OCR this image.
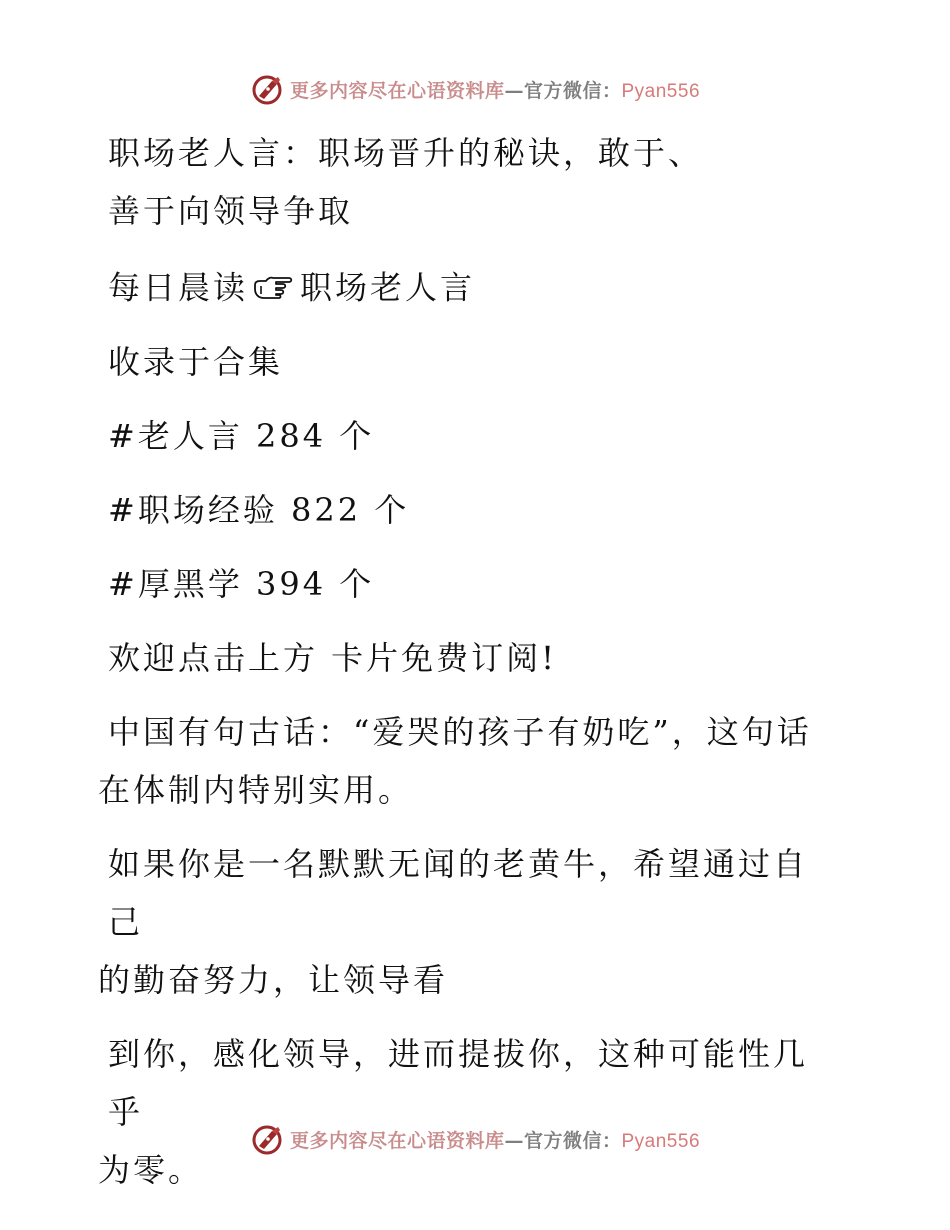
更多内容尽在心语资料库—官方微信：Pyan556

职场老人言：职场晋升的秘诀，敢于、

善于向领导争取

每日晨读 职场老人言

收录于合集

#老人言 284 个

#职场经验 822 个

#厚黑学 394 个

欢迎点击上方 卡片免费订阅!

中国有句古话：“爱哭的孩子有奶吃”，这句话

在体制内特别实用。

如果你是一名默默无闻的老黄牛，希望通过自己

的勤奋努力，让领导看

到你，感化领导，进而提拔你，这种可能性几乎

为零。

更多内容尽在心语资料库—官方微信：Pyan556
